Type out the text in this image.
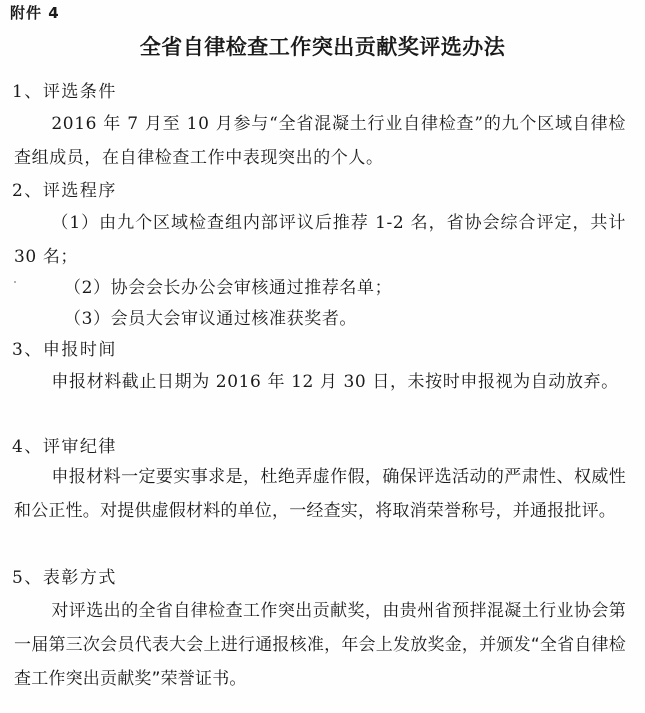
附件 4
全省自律检查工作突出贡献奖评选办法
1、评选条件

2016 年 7 月至 10 月参与“全省混凝土行业自律检查”的九个区域自律检查组成员，在自律检查工作中表现突出的个人。

2、评选程序

（1）由九个区域检查组内部评议后推荐 1-2 名，省协会综合评定，共计 30 名；

（2）协会会长办公会审核通过推荐名单；
（3）会员大会审议通过核准获奖者。
3、申报时间

申报材料截止日期为 2016 年 12 月 30 日，未按时申报视为自动放弃。

4、评审纪律

申报材料一定要实事求是，杜绝弄虚作假，确保评选活动的严肃性、权威性和公正性。对提供虚假材料的单位，一经查实，将取消荣誉称号，并通报批评。

5、表彰方式

对评选出的全省自律检查工作突出贡献奖，由贵州省预拌混凝土行业协会第一届第三次会员代表大会上进行通报核准，年会上发放奖金，并颁发“全省自律检查工作突出贡献奖”荣誉证书。
